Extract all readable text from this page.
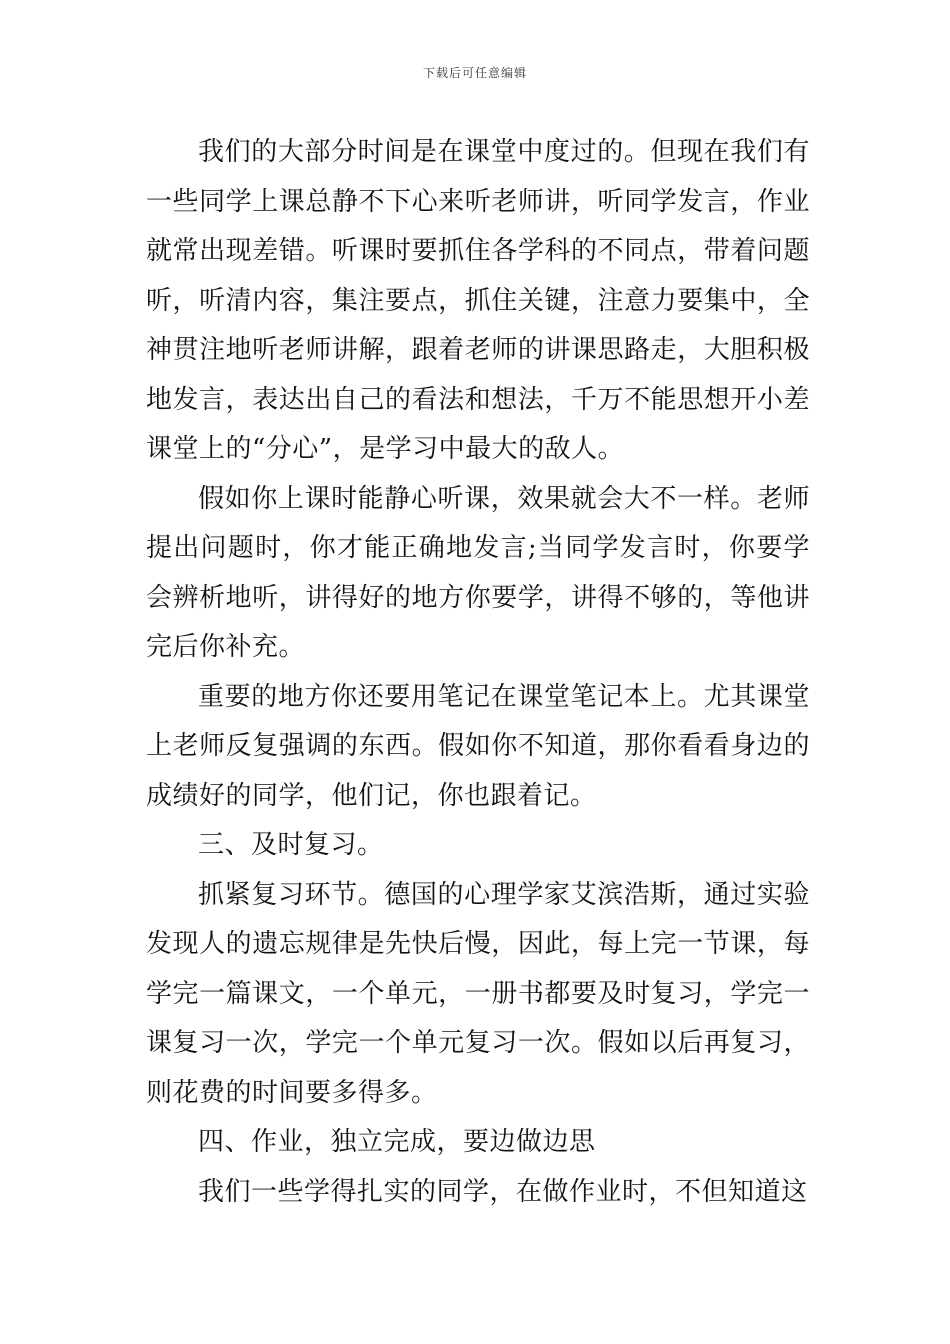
下载后可任意编辑

我们的大部分时间是在课堂中度过的。但现在我们有一些同学上课总静不下心来听老师讲，听同学发言，作业就常出现差错。听课时要抓住各学科的不同点，带着问题听，听清内容，集注要点，抓住关键，注意力要集中，全神贯注地听老师讲解，跟着老师的讲课思路走，大胆积极地发言，表达出自己的看法和想法，千万不能思想开小差课堂上的“分心”，是学习中最大的敌人。

假如你上课时能静心听课，效果就会大不一样。老师提出问题时，你才能正确地发言;当同学发言时，你要学会辨析地听，讲得好的地方你要学，讲得不够的，等他讲完后你补充。

重要的地方你还要用笔记在课堂笔记本上。尤其课堂上老师反复强调的东西。假如你不知道，那你看看身边的成绩好的同学，他们记，你也跟着记。

三、及时复习。

抓紧复习环节。德国的心理学家艾滨浩斯，通过实验发现人的遗忘规律是先快后慢，因此，每上完一节课，每学完一篇课文，一个单元，一册书都要及时复习，学完一课复习一次，学完一个单元复习一次。假如以后再复习，则花费的时间要多得多。

四、作业，独立完成，要边做边思

我们一些学得扎实的同学，在做作业时，不但知道这
